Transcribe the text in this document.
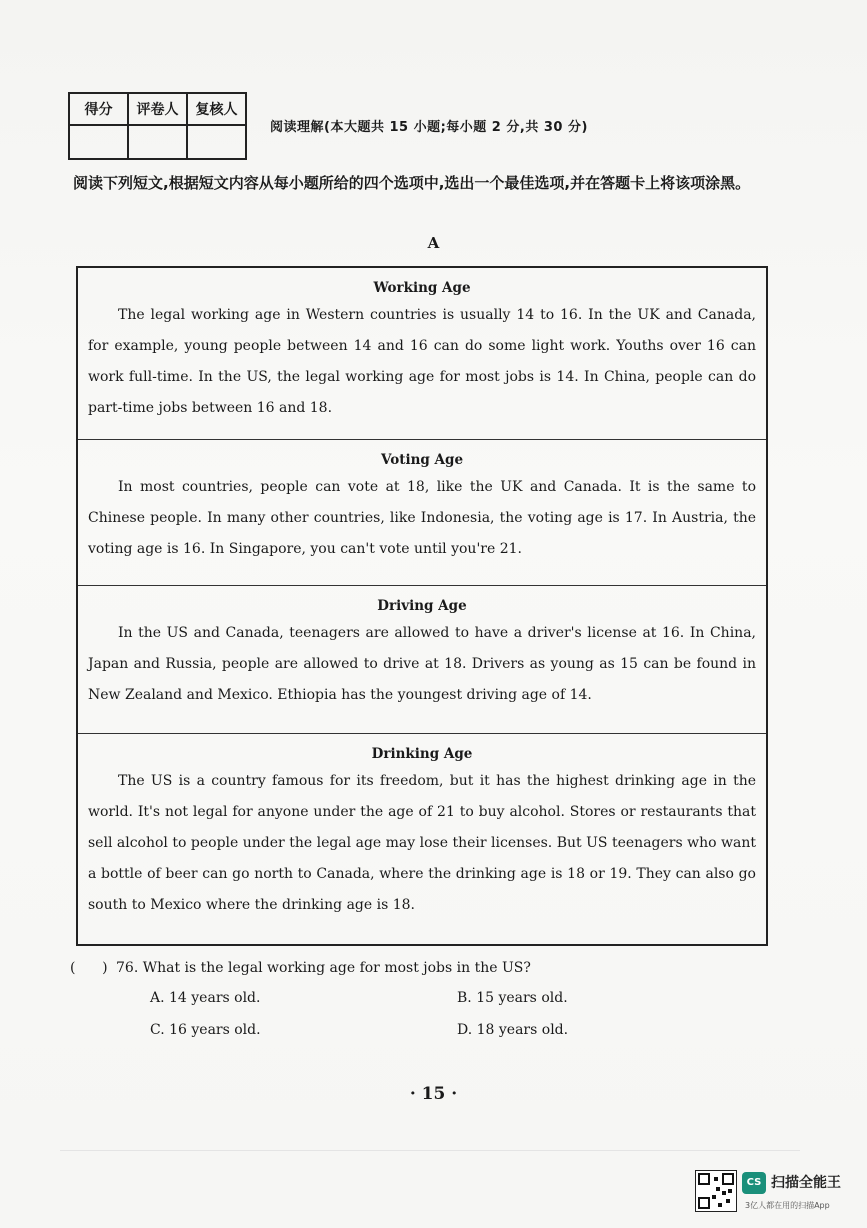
得分	评卷人	复核人

阅读理解(本大题共 15 小题;每小题 2 分,共 30 分)
阅读下列短文,根据短文内容从每小题所给的四个选项中,选出一个最佳选项,并在答题卡上将该项涂黑。
A
Working Age

The legal working age in Western countries is usually 14 to 16. In the UK and Canada, for example, young people between 14 and 16 can do some light work. Youths over 16 can work full-time. In the US, the legal working age for most jobs is 14. In China, people can do part-time jobs between 16 and 18.

Voting Age

In most countries, people can vote at 18, like the UK and Canada. It is the same to Chinese people. In many other countries, like Indonesia, the voting age is 17. In Austria, the voting age is 16. In Singapore, you can't vote until you're 21.

Driving Age

In the US and Canada, teenagers are allowed to have a driver's license at 16. In China, Japan and Russia, people are allowed to drive at 18. Drivers as young as 15 can be found in New Zealand and Mexico. Ethiopia has the youngest driving age of 14.

Drinking Age

The US is a country famous for its freedom, but it has the highest drinking age in the world. It's not legal for anyone under the age of 21 to buy alcohol. Stores or restaurants that sell alcohol to people under the legal age may lose their licenses. But US teenagers who want a bottle of beer can go north to Canada, where the drinking age is 18 or 19. They can also go south to Mexico where the drinking age is 18.

(      ) 76. What is the legal working age for most jobs in the US?
A. 14 years old.	B. 15 years old.
C. 16 years old.	D. 18 years old.
· 15 ·
CS 扫描全能王
3亿人都在用的扫描App
